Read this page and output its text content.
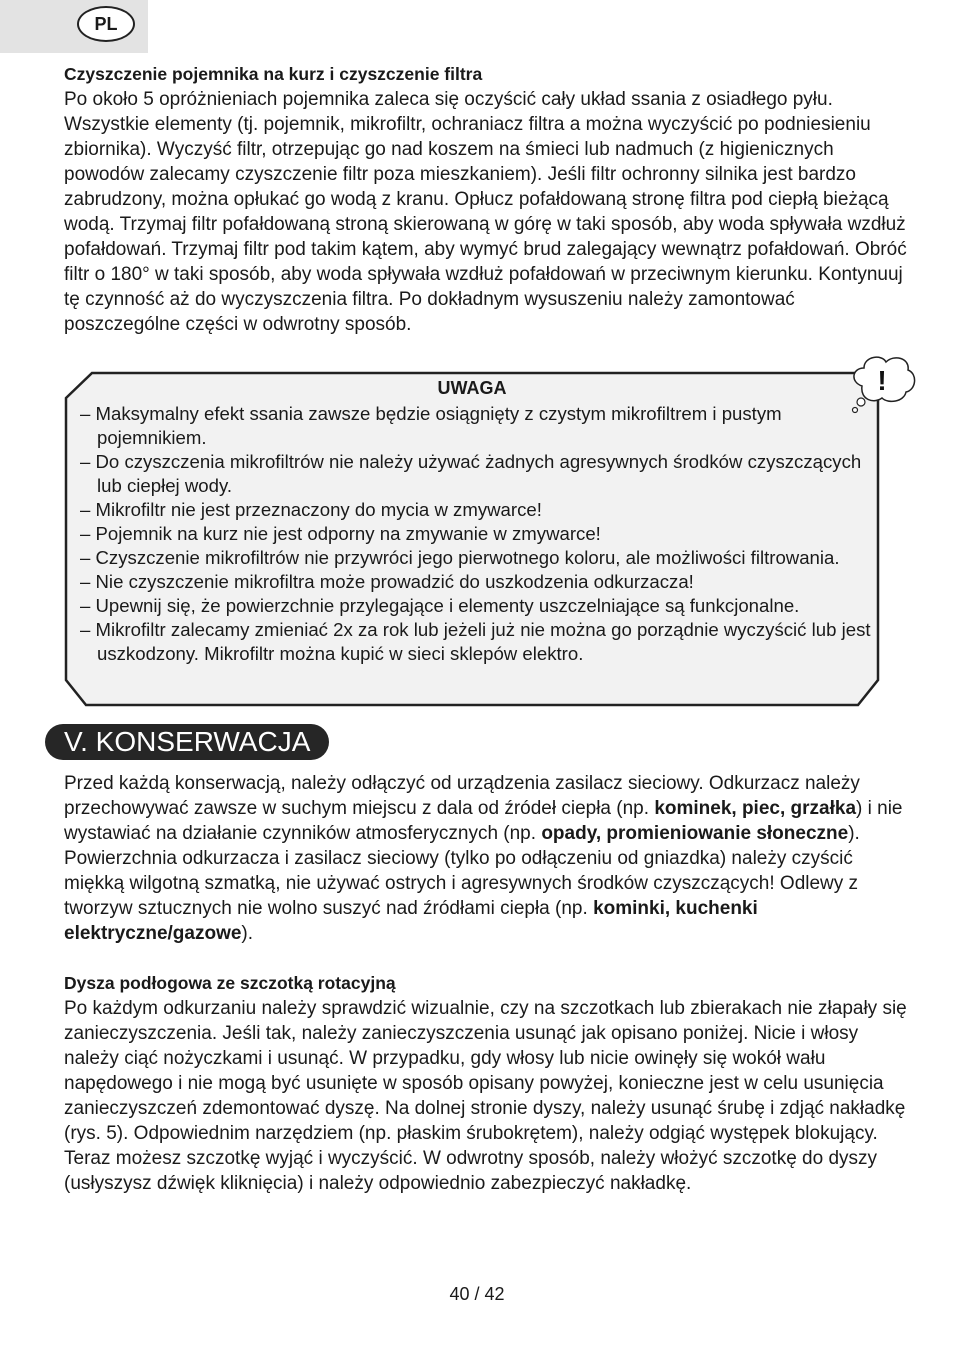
PL

Czyszczenie pojemnika na kurz i czyszczenie filtra

Po około 5 opróżnieniach pojemnika zaleca się oczyścić cały układ ssania z osiadłego pyłu. Wszystkie elementy (tj. pojemnik, mikrofiltr, ochraniacz filtra a można wyczyścić po podniesieniu zbiornika). Wyczyść filtr, otrzepując go nad koszem na śmieci lub nadmuch (z higienicznych powodów zalecamy czyszczenie filtr poza mieszkaniem). Jeśli filtr ochronny silnika jest bardzo zabrudzony, można opłukać go wodą z kranu. Opłucz pofałdowaną stronę filtra pod ciepłą bieżącą wodą. Trzymaj filtr pofałdowaną stroną skierowaną w górę w taki sposób, aby woda spływała wzdłuż pofałdowań. Trzymaj filtr pod takim kątem, aby wymyć brud zalegający wewnątrz pofałdowań. Obróć filtr o 180° w taki sposób, aby woda spływała wzdłuż pofałdowań w przeciwnym kierunku. Kontynuuj tę czynność aż do wyczyszczenia filtra. Po dokładnym wysuszeniu należy zamontować poszczególne części w odwrotny sposób.

UWAGA
– Maksymalny efekt ssania zawsze będzie osiągnięty z czystym mikrofiltrem i pustym pojemnikiem.
– Do czyszczenia mikrofiltrów nie należy używać żadnych agresywnych środków czyszczących lub ciepłej wody.
– Mikrofiltr nie jest przeznaczony do mycia w zmywarce!
– Pojemnik na kurz nie jest odporny na zmywanie w zmywarce!
– Czyszczenie mikrofiltrów nie przywróci jego pierwotnego koloru, ale możliwości filtrowania.
– Nie czyszczenie mikrofiltra może prowadzić do uszkodzenia odkurzacza!
– Upewnij się, że powierzchnie przylegające i elementy uszczelniające są funkcjonalne.
– Mikrofiltr zalecamy zmieniać 2x za rok lub jeżeli już nie można go porządnie wyczyścić lub jest uszkodzony. Mikrofiltr można kupić w sieci sklepów elektro.
!
V. KONSERWACJA

Przed każdą konserwacją, należy odłączyć od urządzenia zasilacz sieciowy. Odkurzacz należy przechowywać zawsze w suchym miejscu z dala od źródeł ciepła (np. kominek, piec, grzałka) i nie wystawiać na działanie czynników atmosferycznych (np. opady, promieniowanie słoneczne). Powierzchnia odkurzacza i zasilacz sieciowy (tylko po odłączeniu od gniazdka) należy czyścić miękką wilgotną szmatką, nie używać ostrych i agresywnych środków czyszczących! Odlewy z tworzyw sztucznych nie wolno suszyć nad źródłami ciepła (np. kominki, kuchenki elektryczne/gazowe).

Dysza podłogowa ze szczotką rotacyjną

Po każdym odkurzaniu należy sprawdzić wizualnie, czy na szczotkach lub zbierakach nie złapały się zanieczyszczenia. Jeśli tak, należy zanieczyszczenia usunąć jak opisano poniżej. Nicie i włosy należy ciąć nożyczkami i usunąć. W przypadku, gdy włosy lub nicie owinęły się wokół wału napędowego i nie mogą być usunięte w sposób opisany powyżej, konieczne jest w celu usunięcia zanieczyszczeń zdemontować dyszę. Na dolnej stronie dyszy, należy usunąć śrubę i zdjąć nakładkę (rys. 5). Odpowiednim narzędziem (np. płaskim śrubokrętem), należy odgiąć występek blokujący. Teraz możesz szczotkę wyjąć i wyczyścić. W odwrotny sposób, należy włożyć szczotkę do dyszy (usłyszysz dźwięk kliknięcia) i należy odpowiednio zabezpieczyć nakładkę.

40 / 42
